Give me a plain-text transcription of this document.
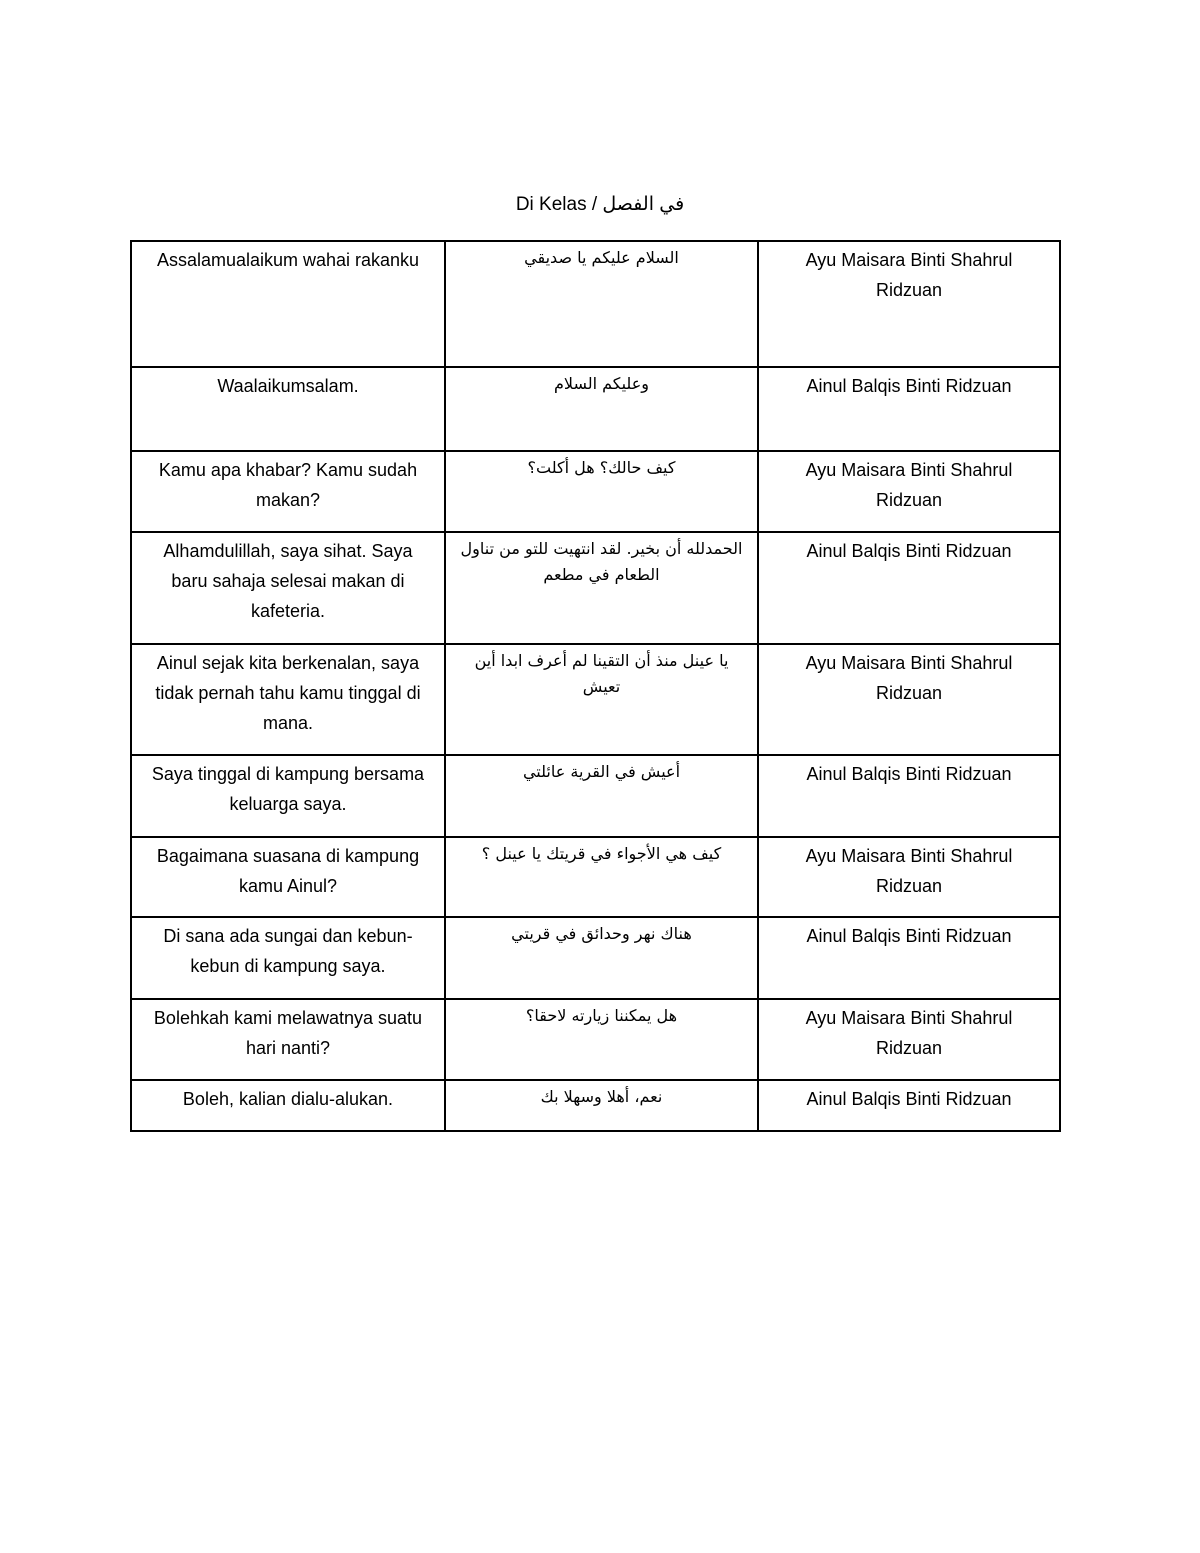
Di Kelas / في الفصل
Assalamualaikum wahai rakanku	السلام عليكم يا صديقي	Ayu Maisara Binti Shahrul Ridzuan
Waalaikumsalam.	وعليكم السلام	Ainul Balqis Binti Ridzuan
Kamu apa khabar? Kamu sudah makan?	كيف حالك؟ هل أكلت؟	Ayu Maisara Binti Shahrul Ridzuan
Alhamdulillah, saya sihat. Saya baru sahaja selesai makan di kafeteria.	الحمدلله أن بخير. لقد انتهيت للتو من تناول الطعام في مطعم	Ainul Balqis Binti Ridzuan
Ainul sejak kita berkenalan, saya tidak pernah tahu kamu tinggal di mana.	يا عينل منذ أن التقينا لم أعرف ابدا أين تعيش	Ayu Maisara Binti Shahrul Ridzuan
Saya tinggal di kampung bersama keluarga saya.	أعيش في القرية عائلتي	Ainul Balqis Binti Ridzuan
Bagaimana suasana di kampung kamu Ainul?	كيف هي الأجواء في قريتك يا عينل ؟	Ayu Maisara Binti Shahrul Ridzuan
Di sana ada sungai dan kebun-kebun di kampung saya.	هناك نهر وحدائق في قريتي	Ainul Balqis Binti Ridzuan
Bolehkah kami melawatnya suatu hari nanti?	هل يمكننا زيارته لاحقا؟	Ayu Maisara Binti Shahrul Ridzuan
Boleh, kalian dialu-alukan.	نعم، أهلا وسهلا بك	Ainul Balqis Binti Ridzuan
